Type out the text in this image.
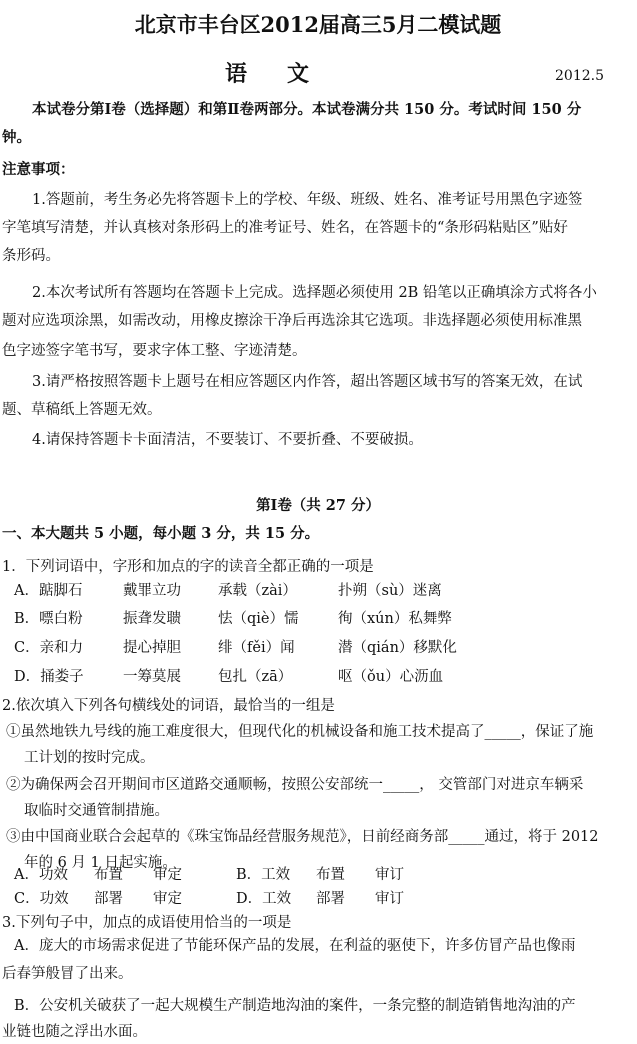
北京市丰台区2012届高三5月二模试题
语文	2012.5
本试卷分第Ⅰ卷（选择题）和第Ⅱ卷两部分。本试卷满分共 150 分。考试时间 150 分
钟。
注意事项：
1.答题前，考生务必先将答题卡上的学校、年级、班级、姓名、准考证号用黑色字迹签
字笔填写清楚，并认真核对条形码上的准考证号、姓名，在答题卡的“条形码粘贴区”贴好
条形码。
2.本次考试所有答题均在答题卡上完成。选择题必须使用 2B 铅笔以正确填涂方式将各小
题对应选项涂黑，如需改动，用橡皮擦涂干净后再选涂其它选项。非选择题必须使用标准黑
色字迹签字笔书写，要求字体工整、字迹清楚。
3.请严格按照答题卡上题号在相应答题区内作答，超出答题区域书写的答案无效，在试
题、草稿纸上答题无效。
4.请保持答题卡卡面清洁，不要装订、不要折叠、不要破损。
第Ⅰ卷（共 27 分）
一、本大题共 5 小题，每小题 3 分，共 15 分。
1．下列词语中，字形和加点的字的读音全都正确的一项是
A．踮脚石	戴罪立功	承载（zài）	扑朔（sù）迷离
B．嘌白粉	振聋发聩	怯（qiè）懦	徇（xún）私舞弊
C．亲和力	提心掉胆	绯（fěi）闻	潜（qián）移默化
D．捅娄子	一筹莫展	包扎（zā）	呕（ǒu）心沥血
2.依次填入下列各句横线处的词语，最恰当的一组是
①虽然地铁九号线的施工难度很大，但现代化的机械设备和施工技术提高了_____，保证了施
工计划的按时完成。
②为确保两会召开期间市区道路交通顺畅，按照公安部统一_____， 交管部门对进京车辆采
取临时交通管制措施。
③由中国商业联合会起草的《珠宝饰品经营服务规范》，日前经商务部_____通过，将于 2012
年的 6 月 1 日起实施。
A．功效 布置 审定	B．工效 布置 审订
C．功效 部署 审定	D．工效 部署 审订
3.下列句子中，加点的成语使用恰当的一项是
A．庞大的市场需求促进了节能环保产品的发展，在利益的驱使下，许多仿冒产品也像雨
后春笋般冒了出来。
B．公安机关破获了一起大规模生产制造地沟油的案件，一条完整的制造销售地沟油的产
业链也随之浮出水面。
